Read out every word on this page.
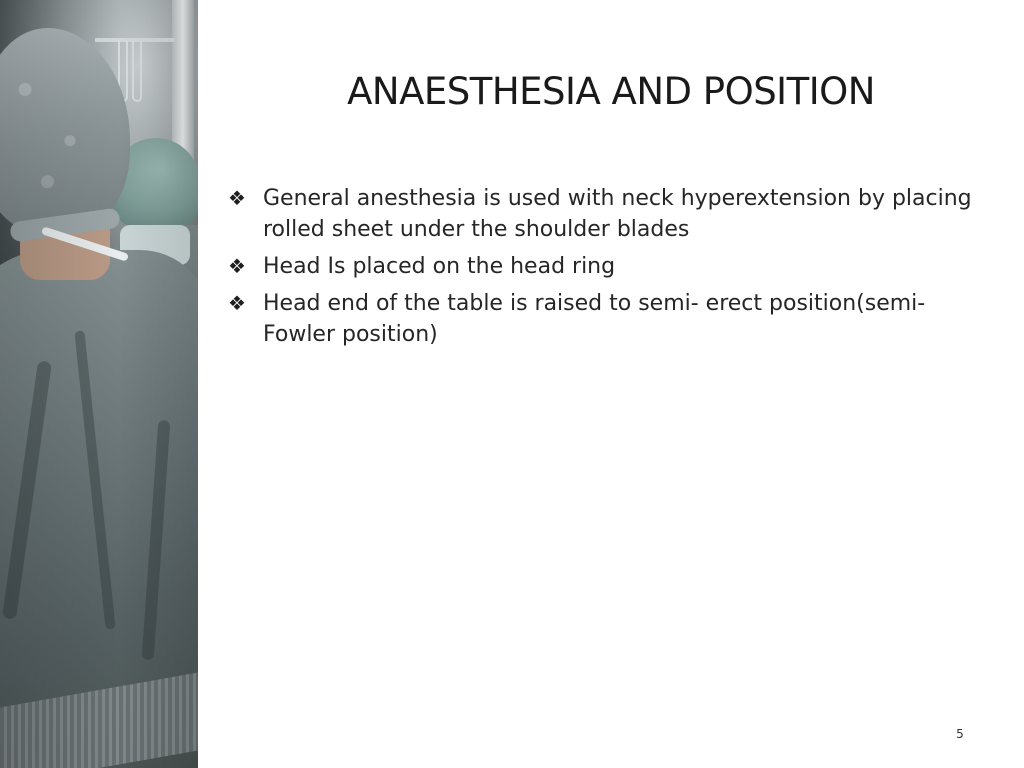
ANAESTHESIA AND POSITION
❖ General anesthesia is used with neck hyperextension by placing rolled sheet under the shoulder blades
❖ Head Is placed on the head ring
❖ Head end of the table is raised to semi- erect position(semi- Fowler position)
5
